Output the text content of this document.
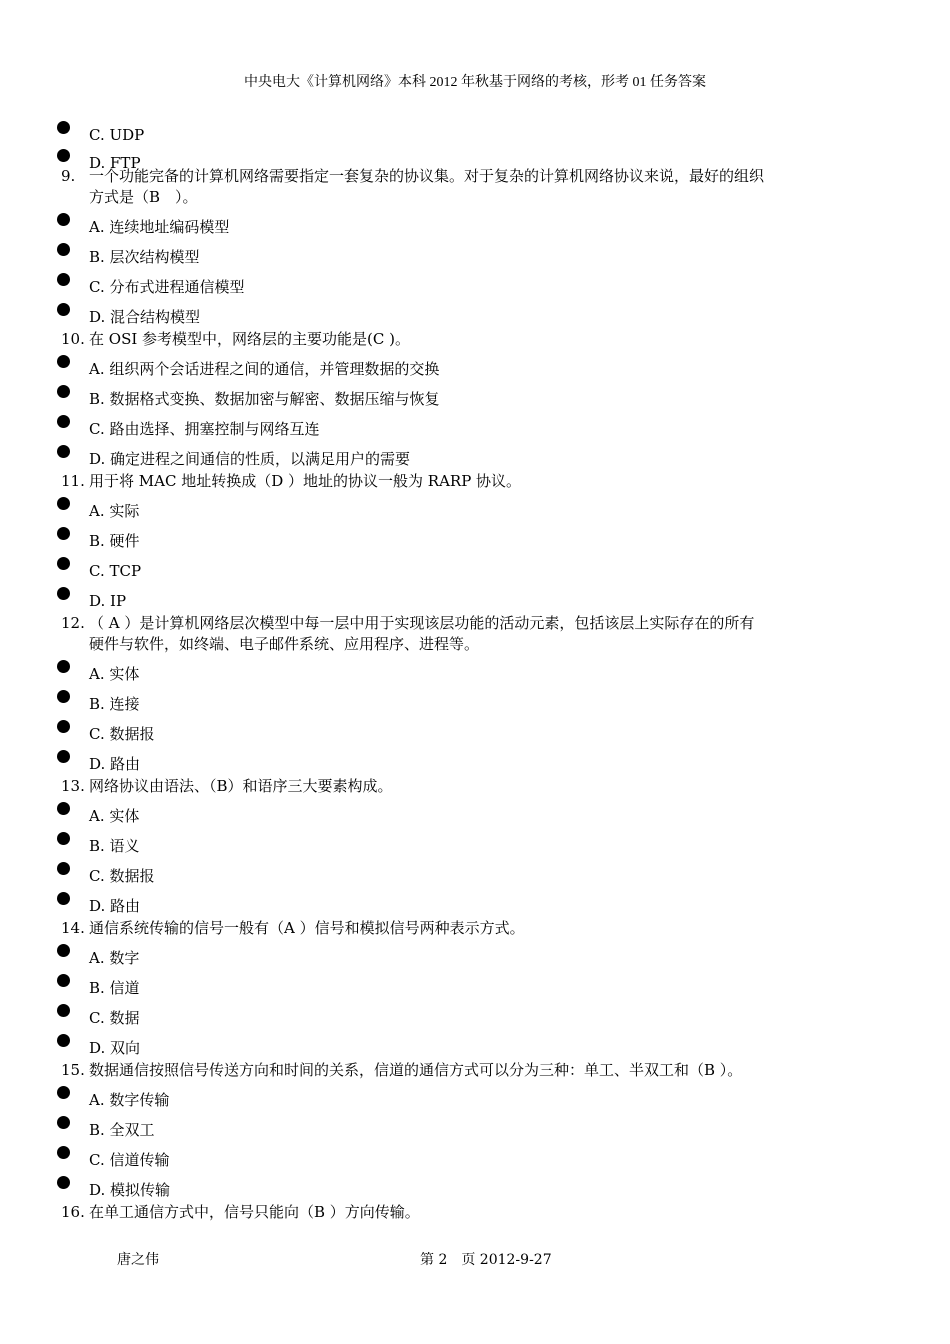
中央电大《计算机网络》本科 2012 年秋基于网络的考核，形考 01 任务答案
C. UDP
D. FTP
9. 一个功能完备的计算机网络需要指定一套复杂的协议集。对于复杂的计算机网络协议来说，最好的组织
方式是（B　）。
A. 连续地址编码模型
B. 层次结构模型
C. 分布式进程通信模型
D. 混合结构模型
10. 在 OSI 参考模型中，网络层的主要功能是(C )。
A. 组织两个会话进程之间的通信，并管理数据的交换
B. 数据格式变换、数据加密与解密、数据压缩与恢复
C. 路由选择、拥塞控制与网络互连
D. 确定进程之间通信的性质，以满足用户的需要
11. 用于将 MAC 地址转换成（D ）地址的协议一般为 RARP 协议。
A. 实际
B. 硬件
C. TCP
D. IP
12. （ A ）是计算机网络层次模型中每一层中用于实现该层功能的活动元素，包括该层上实际存在的所有
硬件与软件，如终端、电子邮件系统、应用程序、进程等。
A. 实体
B. 连接
C. 数据报
D. 路由
13. 网络协议由语法、（B）和语序三大要素构成。
A. 实体
B. 语义
C. 数据报
D. 路由
14. 通信系统传输的信号一般有（A ）信号和模拟信号两种表示方式。
A. 数字
B. 信道
C. 数据
D. 双向
15. 数据通信按照信号传送方向和时间的关系，信道的通信方式可以分为三种：单工、半双工和（B ）。
A. 数字传输
B. 全双工
C. 信道传输
D. 模拟传输
16. 在单工通信方式中，信号只能向（B ）方向传输。
唐之伟	第 2　页 2012-9-27
